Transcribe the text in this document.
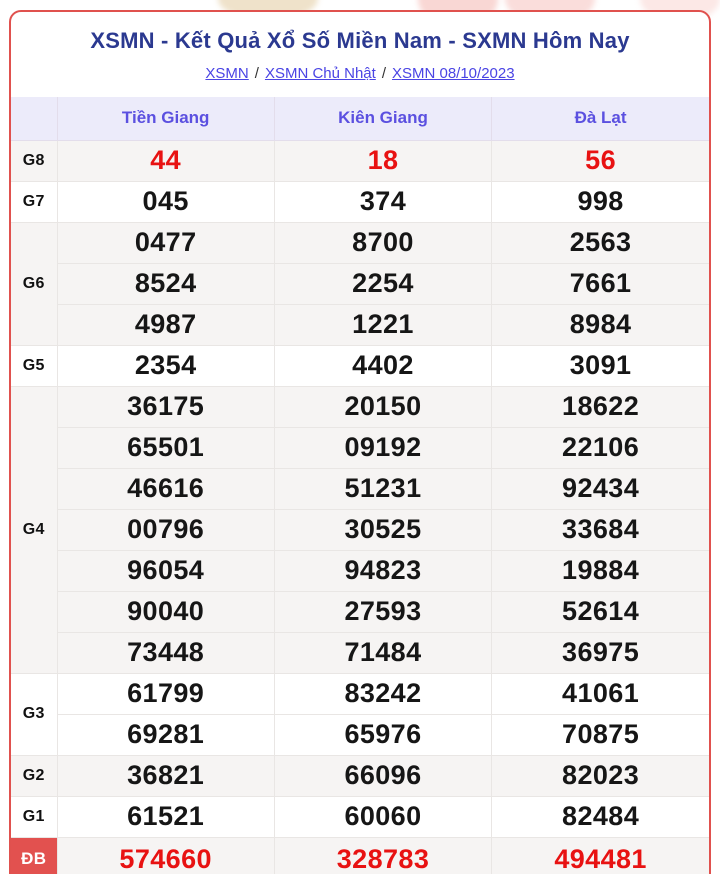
XSMN - Kết Quả Xổ Số Miền Nam - SXMN Hôm Nay
XSMN / XSMN Chủ Nhật / XSMN 08/10/2023
	Tiền Giang	Kiên Giang	Đà Lạt
G8	44	18	56
G7	045	374	998
G6	0477	8700	2563
	8524	2254	7661
	4987	1221	8984
G5	2354	4402	3091
G4	36175	20150	18622
	65501	09192	22106
	46616	51231	92434
	00796	30525	33684
	96054	94823	19884
	90040	27593	52614
	73448	71484	36975
G3	61799	83242	41061
	69281	65976	70875
G2	36821	66096	82023
G1	61521	60060	82484
ĐB	574660	328783	494481
